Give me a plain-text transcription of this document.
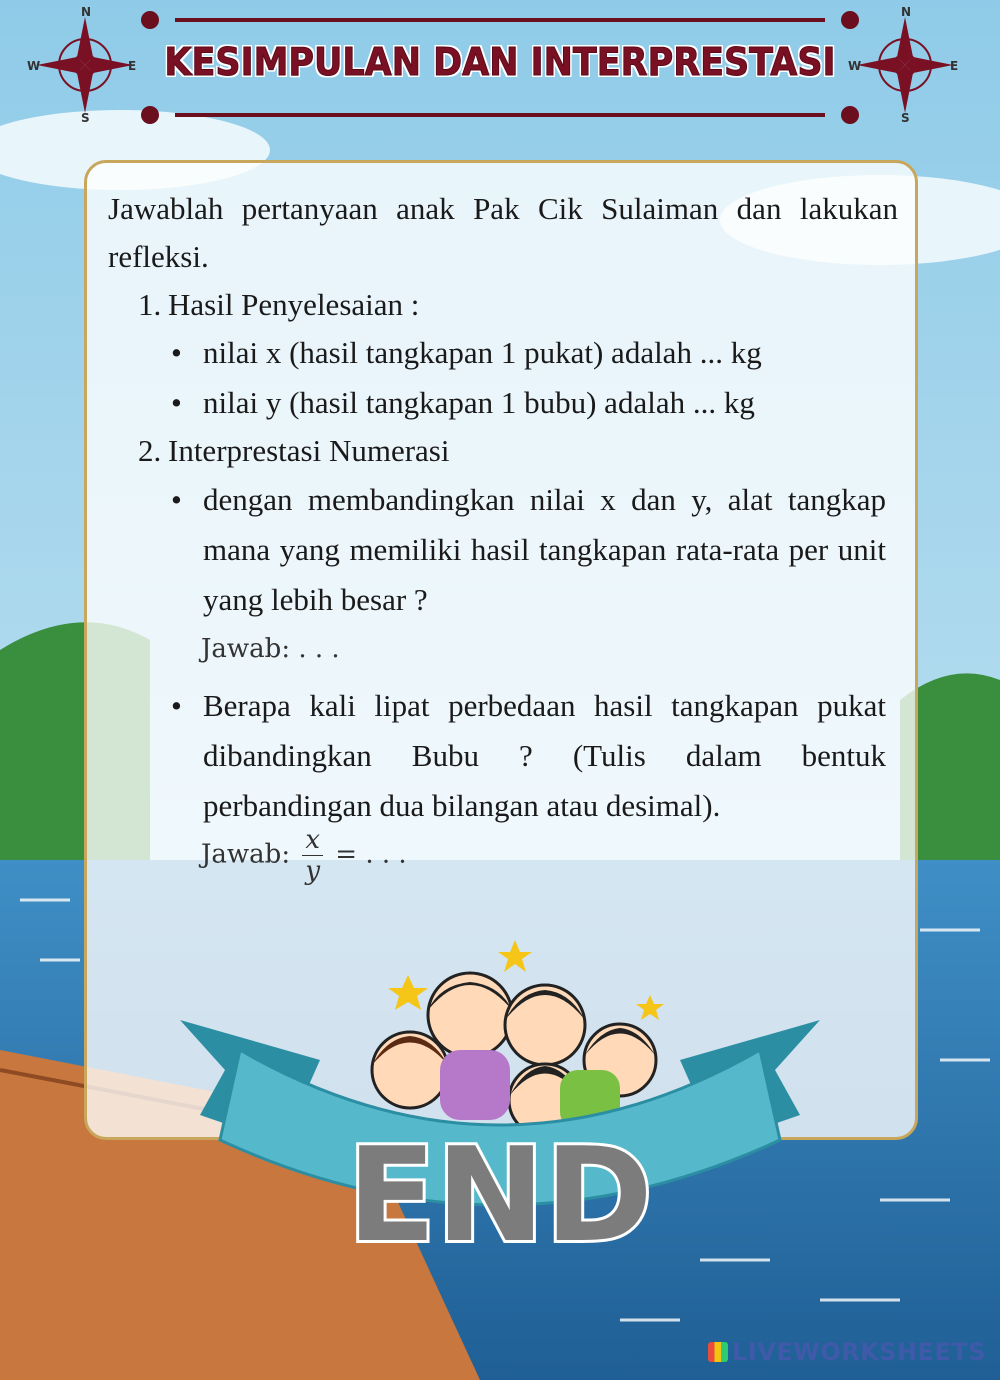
N
E
S
W
N
E
S
W
KESIMPULAN DAN INTERPRESTASI

Jawablah pertanyaan anak Pak Cik Sulaiman dan lakukan refleksi.

1. Hasil Penyelesaian :
• nilai x (hasil tangkapan 1 pukat) adalah ... kg
• nilai y (hasil tangkapan 1 bubu) adalah ... kg
2. Interprestasi Numerasi
• dengan membandingkan nilai x dan y, alat tangkap mana yang memiliki hasil tangkapan rata-rata per unit yang lebih besar ?
Jawab: . . .
• Berapa kali lipat perbedaan hasil tangkapan pukat dibandingkan Bubu ? (Tulis dalam bentuk perbandingan dua bilangan atau desimal).
Jawab: $\frac{x}{y}$ = . . .
END
LIVEWORKSHEETS
